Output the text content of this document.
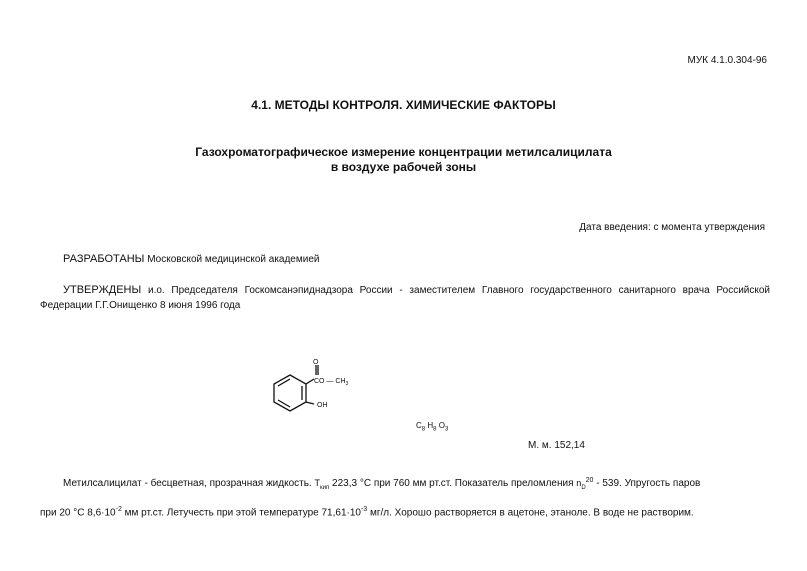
МУК 4.1.0.304-96
4.1. МЕТОДЫ КОНТРОЛЯ. ХИМИЧЕСКИЕ ФАКТОРЫ
Газохроматографическое измерение концентрации метилсалицилата
в воздухе рабочей зоны
Дата введения: с момента утверждения
РАЗРАБОТАНЫ Московской медицинской академией
УТВЕРЖДЕНЫ и.о. Председателя Госкомсанэпиднадзора России - заместителем Главного государственного санитарного врача Российской Федерации Г.Г.Онищенко 8 июня 1996 года
O
CO — $CH_3$
OH
$C_8$ $H_8$ $O_3$
М. м. 152,14
Метилсалицилат - бесцветная, прозрачная жидкость. $T_{кип}$ 223,3 °С при 760 мм рт.ст. Показатель преломления $n_D^{20} - 539$. Упругость паров
при 20 °С $8,6\cdot 10^{-2}$ мм рт.ст. Летучесть при этой температуре $71,61\cdot 10^{-3}$ мг/л. Хорошо растворяется в ацетоне, этаноле. В воде не растворим.
